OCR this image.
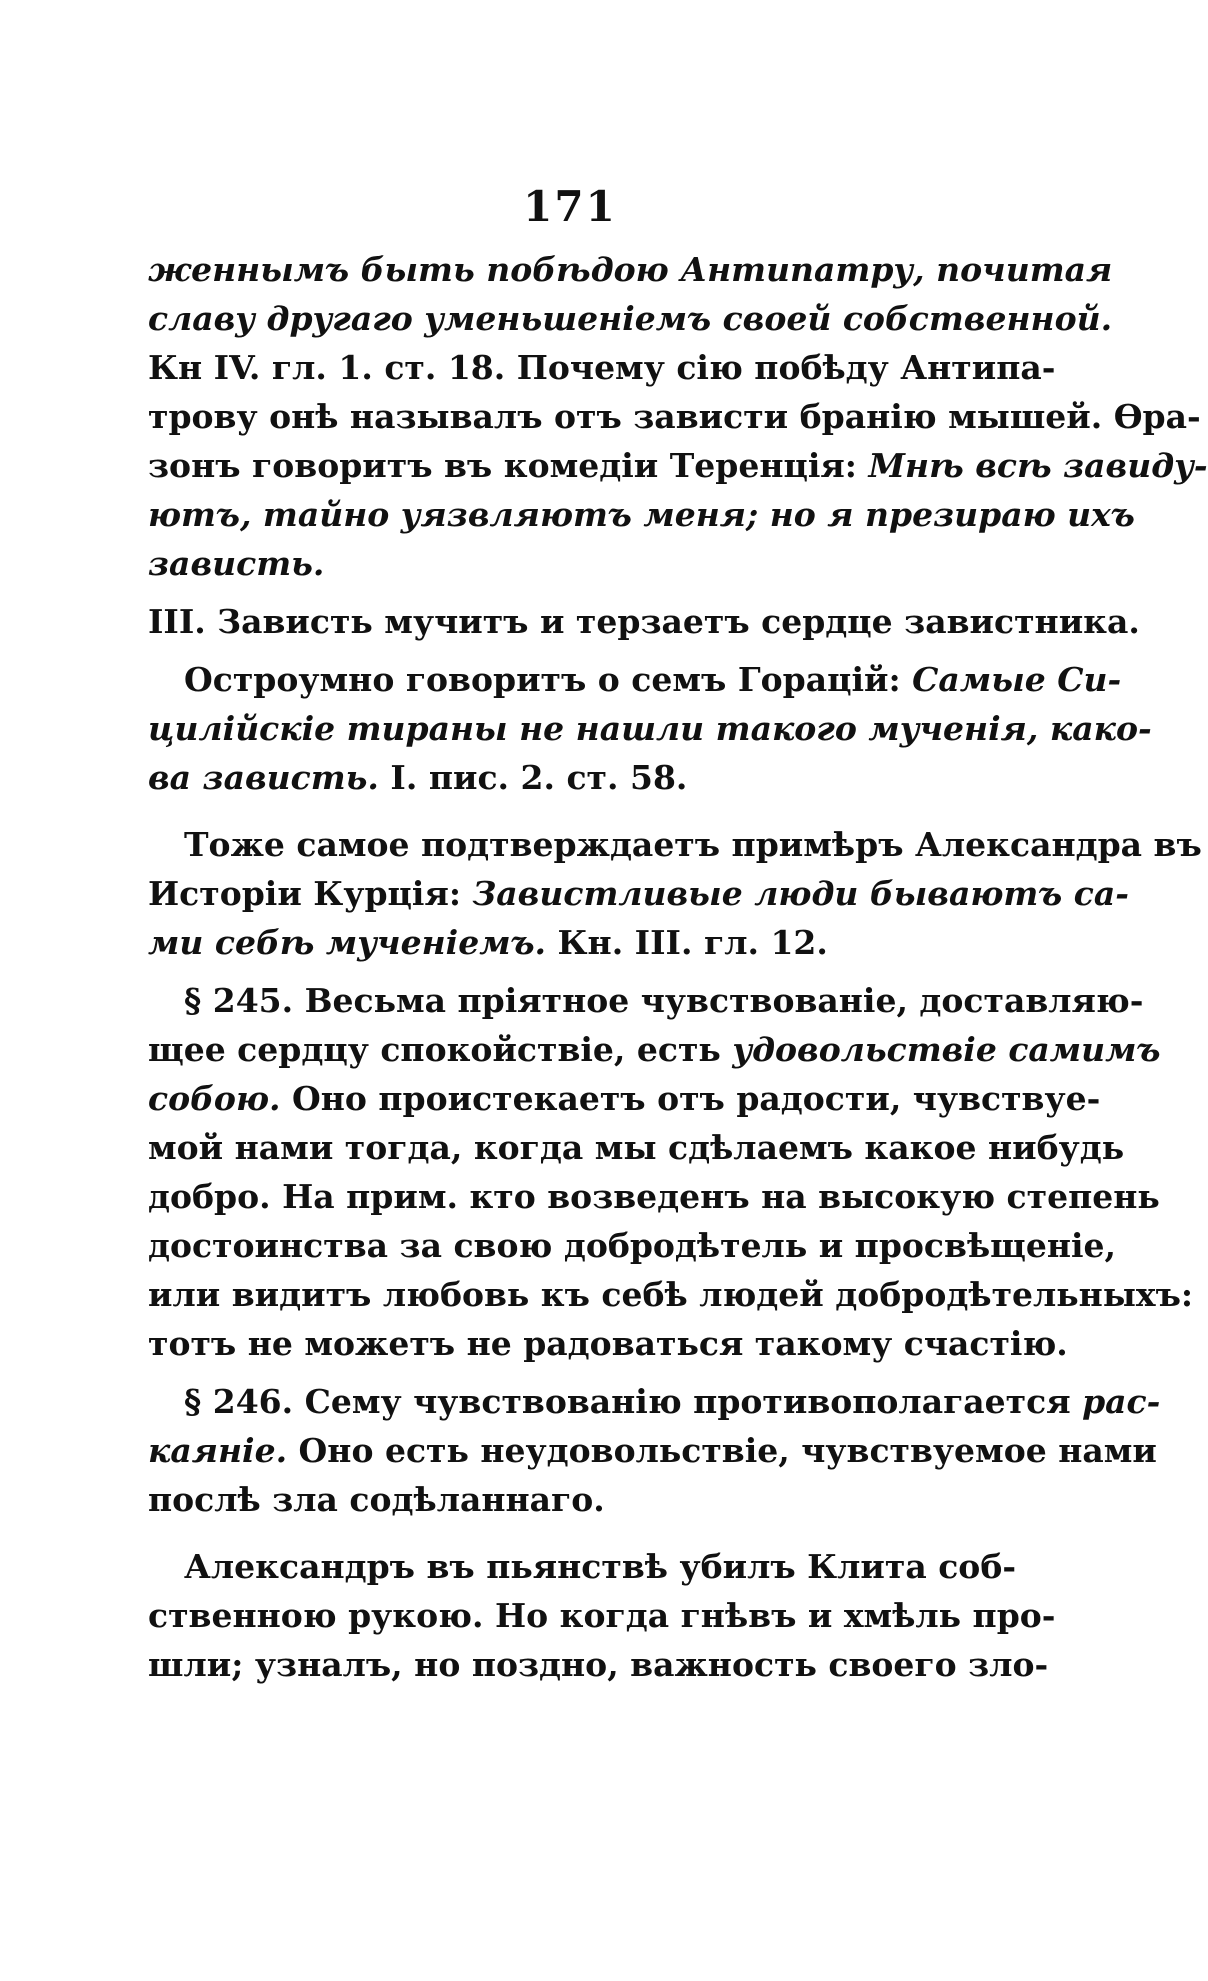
171
женнымъ быть побѣдою Антипатру, почитая
славу другаго уменьшеніемъ своей собственной.
Кн IV. гл. 1. ст. 18. Почему сію побѣду Антипа-
трову онѣ называлъ отъ зависти бранію мышей. Ѳра-
зонъ говоритъ въ комедіи Теренція: Мнѣ всѣ завиду-
ютъ, тайно уязвляютъ меня; но я презираю ихъ
зависть.
III. Зависть мучитъ и терзаетъ сердце завистника.
Остроумно говоритъ о семъ Горацій: Самые Си-
цилійскіе тираны не нашли такого мученія, како-
ва зависть. I. пис. 2. ст. 58.
Тоже самое подтверждаетъ примѣръ Александра въ
Исторіи Курція: Завистливые люди бываютъ са-
ми себѣ мученіемъ. Кн. III. гл. 12.
§ 245. Весьма пріятное чувствованіе, доставляю-
щее сердцу спокойствіе, есть удовольствіе самимъ
собою. Оно проистекаетъ отъ радости, чувствуе-
мой нами тогда, когда мы сдѣлаемъ какое нибудь
добро. На прим. кто возведенъ на высокую степень
достоинства за свою добродѣтель и просвѣщеніе,
или видитъ любовь къ себѣ людей добродѣтельныхъ:
тотъ не можетъ не радоваться такому счастію.
§ 246. Сему чувствованію противополагается рас-
каяніе. Оно есть неудовольствіе, чувствуемое нами
послѣ зла содѣланнаго.
Александръ въ пьянствѣ убилъ Клита соб-
ственною рукою. Но когда гнѣвъ и хмѣль про-
шли; узналъ, но поздно, важность своего зло-
